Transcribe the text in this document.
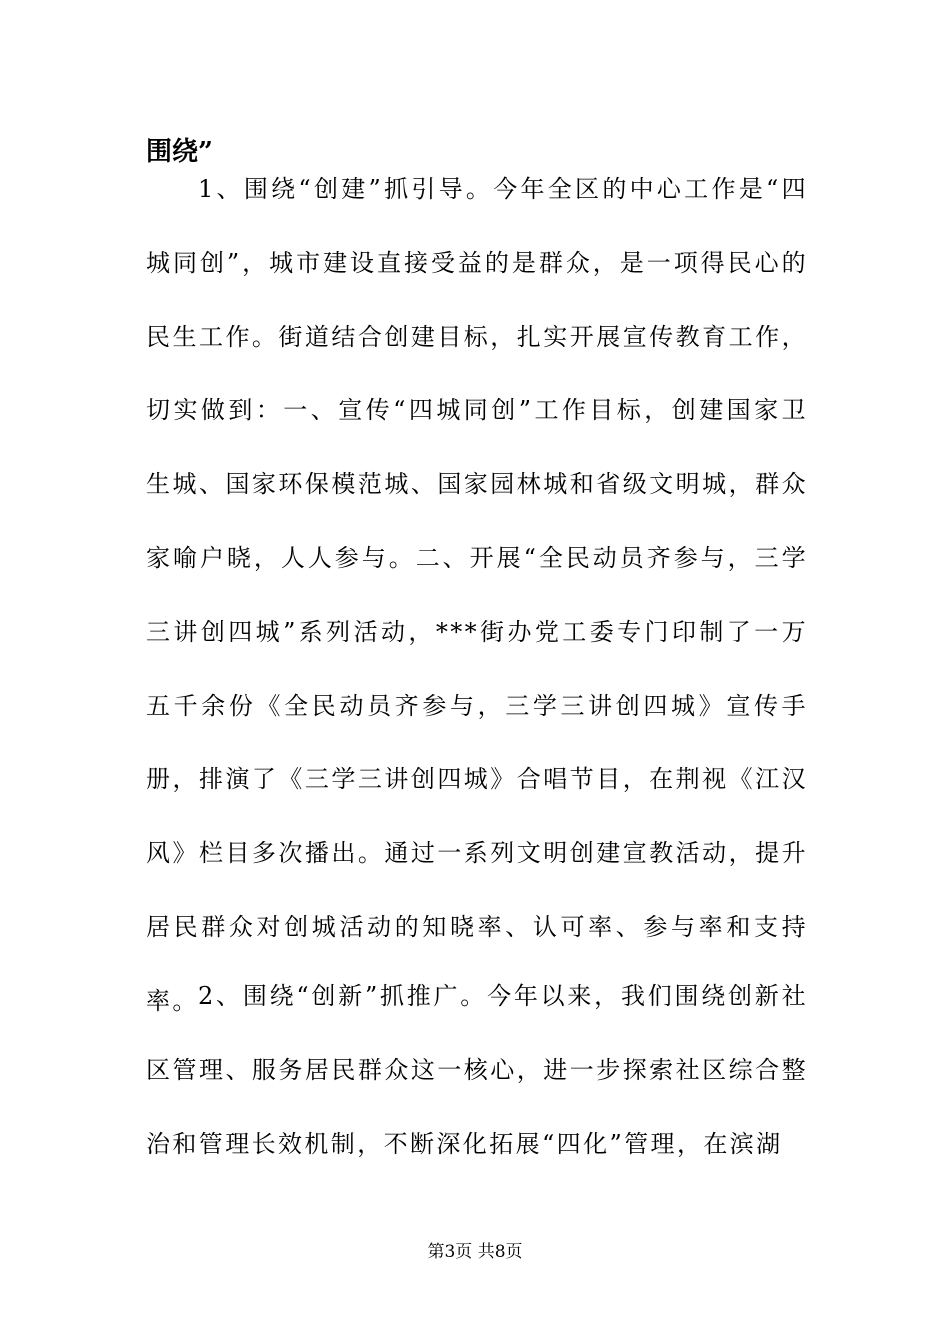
围绕”

1、围绕“创建”抓引导。今年全区的中心工作是“四城同创”，城市建设直接受益的是群众，是一项得民心的民生工作。街道结合创建目标，扎实开展宣传教育工作，切实做到：一、宣传“四城同创”工作目标，创建国家卫生城、国家环保模范城、国家园林城和省级文明城，群众家喻户晓，人人参与。二、开展“全民动员齐参与，三学三讲创四城”系列活动，***街办党工委专门印制了一万五千余份《全民动员齐参与，三学三讲创四城》宣传手册，排演了《三学三讲创四城》合唱节目，在荆视《江汉风》栏目多次播出。通过一系列文明创建宣教活动，提升居民群众对创城活动的知晓率、认可率、参与率和支持率。 2、围绕“创新”抓推广。今年以来，我们围绕创新社区管理、服务居民群众这一核心，进一步探索社区综合整治和管理长效机制，不断深化拓展“四化”管理，在滨湖

第3页 共8页
